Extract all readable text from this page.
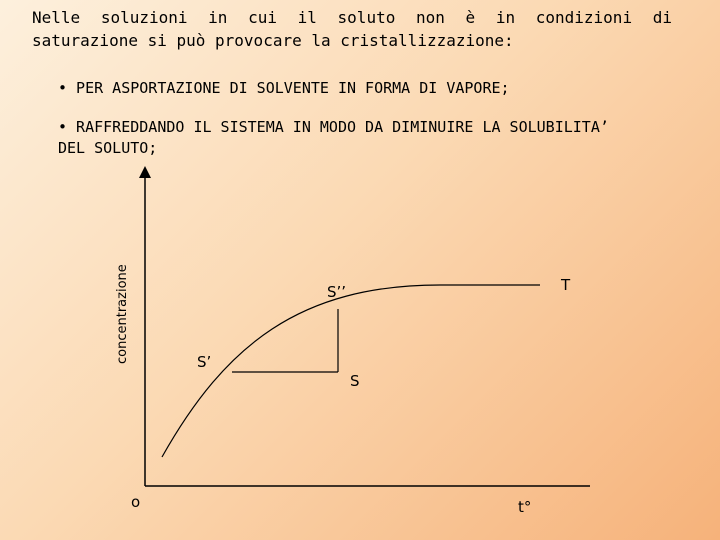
Nelle soluzioni in cui il soluto non è in condizioni di saturazione si può provocare la cristallizzazione:

• PER ASPORTAZIONE DI SOLVENTE IN FORMA DI VAPORE;

• RAFFREDDANDO IL SISTEMA IN MODO DA DIMINUIRE LA SOLUBILITA’ DEL SOLUTO;

concentrazione
t°
o
S’
S’’
S
T
